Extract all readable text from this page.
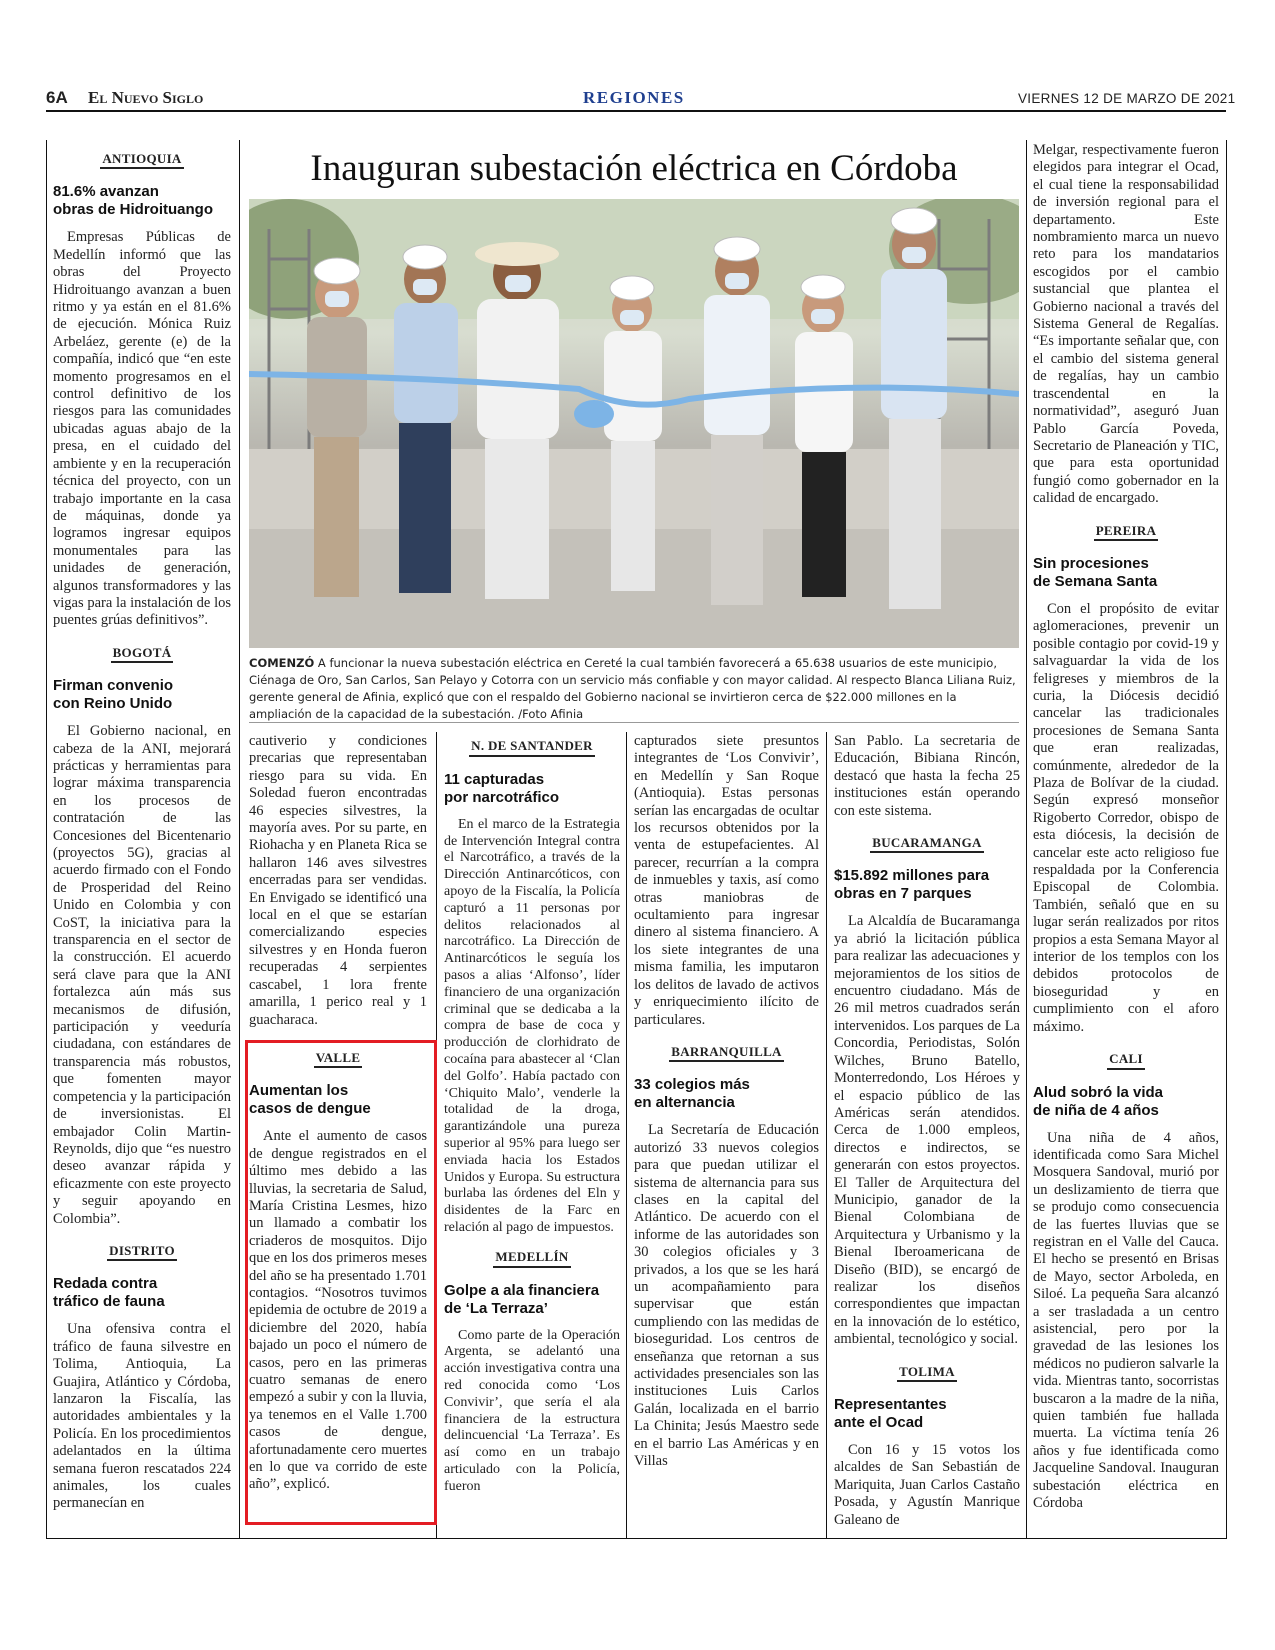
6A El Nuevo Siglo	REGIONES	VIERNES 12 DE MARZO DE 2021
Inauguran subestación eléctrica en Córdoba
COMENZÓ A funcionar la nueva subestación eléctrica en Cereté la cual también favorecerá a 65.638 usuarios de este municipio, Ciénaga de Oro, San Carlos, San Pelayo y Cotorra con un servicio más confiable y con mayor calidad. Al respecto Blanca Liliana Ruiz, gerente general de Afinia, explicó que con el respaldo del Gobierno nacional se invirtieron cerca de $22.000 millones en la ampliación de la capacidad de la subestación. /Foto Afinia
ANTIOQUIA
81.6% avanzan
obras de Hidroituango

Empresas Públicas de Medellín informó que las obras del Proyecto Hidroituango avanzan a buen ritmo y ya están en el 81.6% de ejecución. Mónica Ruiz Arbeláez, gerente (e) de la compañía, indicó que “en este momento progresamos en el control definitivo de los riesgos para las comunidades ubicadas aguas abajo de la presa, en el cuidado del ambiente y en la recuperación técnica del proyecto, con un trabajo importante en la casa de máquinas, donde ya logramos ingresar equipos monumentales para las unidades de generación, algunos transformadores y las vigas para la instalación de los puentes grúas definitivos”.

BOGOTÁ
Firman convenio
con Reino Unido

El Gobierno nacional, en cabeza de la ANI, mejorará prácticas y herramientas para lograr máxima transparencia en los procesos de contratación de las Concesiones del Bicentenario (proyectos 5G), gracias al acuerdo firmado con el Fondo de Prosperidad del Reino Unido en Colombia y con CoST, la iniciativa para la transparencia en el sector de la construcción. El acuerdo será clave para que la ANI fortalezca aún más sus mecanismos de difusión, participación y veeduría ciudadana, con estándares de transparencia más robustos, que fomenten mayor competencia y la participación de inversionistas. El embajador Colin Martin-Reynolds, dijo que “es nuestro deseo avanzar rápida y eficazmente con este proyecto y seguir apoyando en Colombia”.

DISTRITO
Redada contra
tráfico de fauna

Una ofensiva contra el tráfico de fauna silvestre en Tolima, Antioquia, La Guajira, Atlántico y Córdoba, lanzaron la Fiscalía, las autoridades ambientales y la Policía. En los procedimientos adelantados en la última semana fueron rescatados 224 animales, los cuales permanecían en

cautiverio y condiciones precarias que representaban riesgo para su vida. En Soledad fueron encontradas 46 especies silvestres, la mayoría aves. Por su parte, en Riohacha y en Planeta Rica se hallaron 146 aves silvestres encerradas para ser vendidas. En Envigado se identificó una local en el que se estarían comercializando especies silvestres y en Honda fueron recuperadas 4 serpientes cascabel, 1 lora frente amarilla, 1 perico real y 1 guacharaca.

VALLE
Aumentan los
casos de dengue

Ante el aumento de casos de dengue registrados en el último mes debido a las lluvias, la secretaria de Salud, María Cristina Lesmes, hizo un llamado a combatir los criaderos de mosquitos. Dijo que en los dos primeros meses del año se ha presentado 1.701 contagios. “Nosotros tuvimos epidemia de octubre de 2019 a diciembre del 2020, había bajado un poco el número de casos, pero en las primeras cuatro semanas de enero empezó a subir y con la lluvia, ya tenemos en el Valle 1.700 casos de dengue, afortunadamente cero muertes en lo que va corrido de este año”, explicó.

N. DE SANTANDER
11 capturadas
por narcotráfico

En el marco de la Estrategia de Intervención Integral contra el Narcotráfico, a través de la Dirección Antinarcóticos, con apoyo de la Fiscalía, la Policía capturó a 11 personas por delitos relacionados al narcotráfico. La Dirección de Antinarcóticos le seguía los pasos a alias ‘Alfonso’, líder financiero de una organización criminal que se dedicaba a la compra de base de coca y producción de clorhidrato de cocaína para abastecer al ‘Clan del Golfo’. Había pactado con ‘Chiquito Malo’, venderle la totalidad de la droga, garantizándole una pureza superior al 95% para luego ser enviada hacia los Estados Unidos y Europa. Su estructura burlaba las órdenes del Eln y disidentes de la Farc en relación al pago de impuestos.

MEDELLÍN
Golpe a ala financiera
de ‘La Terraza’

Como parte de la Operación Argenta, se adelantó una acción investigativa contra una red conocida como ‘Los Convivir’, que sería el ala financiera de la estructura delincuencial ‘La Terraza’. Es así como en un trabajo articulado con la Policía, fueron

capturados siete presuntos integrantes de ‘Los Convivir’, en Medellín y San Roque (Antioquia). Estas personas serían las encargadas de ocultar los recursos obtenidos por la venta de estupefacientes. Al parecer, recurrían a la compra de inmuebles y taxis, así como otras maniobras de ocultamiento para ingresar dinero al sistema financiero. A los siete integrantes de una misma familia, les imputaron los delitos de lavado de activos y enriquecimiento ilícito de particulares.

BARRANQUILLA
33 colegios más
en alternancia

La Secretaría de Educación autorizó 33 nuevos colegios para que puedan utilizar el sistema de alternancia para sus clases en la capital del Atlántico. De acuerdo con el informe de las autoridades son 30 colegios oficiales y 3 privados, a los que se les hará un acompañamiento para supervisar que están cumpliendo con las medidas de bioseguridad. Los centros de enseñanza que retornan a sus actividades presenciales son las instituciones Luis Carlos Galán, localizada en el barrio La Chinita; Jesús Maestro sede en el barrio Las Américas y en Villas

San Pablo. La secretaria de Educación, Bibiana Rincón, destacó que hasta la fecha 25 instituciones están operando con este sistema.

BUCARAMANGA
$15.892 millones para
obras en 7 parques

La Alcaldía de Bucaramanga ya abrió la licitación pública para realizar las adecuaciones y mejoramientos de los sitios de encuentro ciudadano. Más de 26 mil metros cuadrados serán intervenidos. Los parques de La Concordia, Periodistas, Solón Wilches, Bruno Batello, Monterredondo, Los Héroes y el espacio público de las Américas serán atendidos. Cerca de 1.000 empleos, directos e indirectos, se generarán con estos proyectos. El Taller de Arquitectura del Municipio, ganador de la Bienal Colombiana de Arquitectura y Urbanismo y la Bienal Iberoamericana de Diseño (BID), se encargó de realizar los diseños correspondientes que impactan en la innovación de lo estético, ambiental, tecnológico y social.

TOLIMA
Representantes
ante el Ocad

Con 16 y 15 votos los alcaldes de San Sebastián de Mariquita, Juan Carlos Castaño Posada, y Agustín Manrique Galeano de

Melgar, respectivamente fueron elegidos para integrar el Ocad, el cual tiene la responsabilidad de inversión regional para el departamento. Este nombramiento marca un nuevo reto para los mandatarios escogidos por el cambio sustancial que plantea el Gobierno nacional a través del Sistema General de Regalías. “Es importante señalar que, con el cambio del sistema general de regalías, hay un cambio trascendental en la normatividad”, aseguró Juan Pablo García Poveda, Secretario de Planeación y TIC, que para esta oportunidad fungió como gobernador en la calidad de encargado.

PEREIRA
Sin procesiones
de Semana Santa

Con el propósito de evitar aglomeraciones, prevenir un posible contagio por covid-19 y salvaguardar la vida de los feligreses y miembros de la curia, la Diócesis decidió cancelar las tradicionales procesiones de Semana Santa que eran realizadas, comúnmente, alrededor de la Plaza de Bolívar de la ciudad. Según expresó monseñor Rigoberto Corredor, obispo de esta diócesis, la decisión de cancelar este acto religioso fue respaldada por la Conferencia Episcopal de Colombia. También, señaló que en su lugar serán realizados por ritos propios a esta Semana Mayor al interior de los templos con los debidos protocolos de bioseguridad y en cumplimiento con el aforo máximo.

CALI
Alud sobró la vida
de niña de 4 años

Una niña de 4 años, identificada como Sara Michel Mosquera Sandoval, murió por un deslizamiento de tierra que se produjo como consecuencia de las fuertes lluvias que se registran en el Valle del Cauca. El hecho se presentó en Brisas de Mayo, sector Arboleda, en Siloé. La pequeña Sara alcanzó a ser trasladada a un centro asistencial, pero por la gravedad de las lesiones los médicos no pudieron salvarle la vida. Mientras tanto, socorristas buscaron a la madre de la niña, quien también fue hallada muerta. La víctima tenía 26 años y fue identificada como Jacqueline Sandoval. Inauguran subestación eléctrica en Córdoba
